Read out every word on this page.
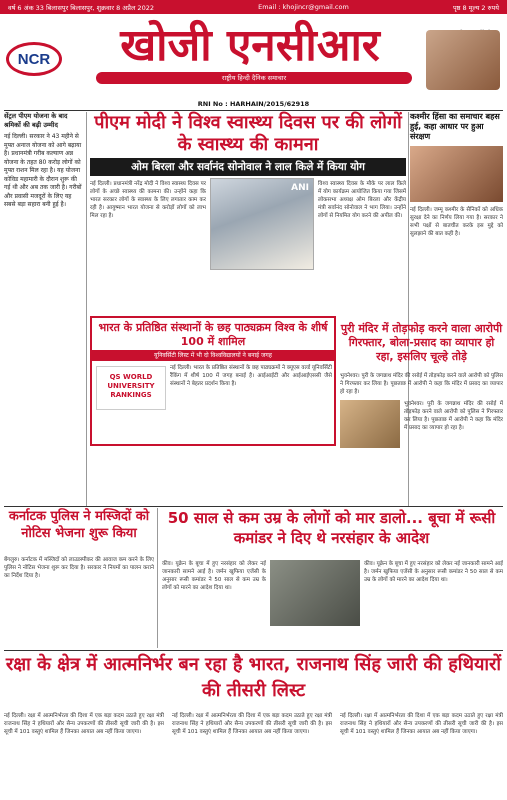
वर्ष 6 अंक 33 बिलासपुर बिलासपुर, शुक्रवार 8 अप्रैल 2022	Email : khojincr@gmail.com	पृष्ठ 8 मूल्य 2 रुपये
NCR	खोजी एनसीआर
राष्ट्रीय हिन्दी दैनिक समाचार
RNI No : HARHAIN/2015/62918
सेंट्रल पीएम योजना के बाद श्रमिकों की बढ़ी उम्मीद
नई दिल्ली। सरकार ने 43 महीने से मुफ्त अनाज योजना को आगे बढ़ाया है। प्रधानमंत्री गरीब कल्याण अन्न योजना के तहत 80 करोड़ लोगों को मुफ्त राशन मिल रहा है। यह योजना कोविड महामारी के दौरान शुरू की गई थी और अब तक जारी है। गरीबों और प्रवासी मजदूरों के लिए यह सबसे बड़ा सहारा बनी हुई है।
पीएम मोदी ने विश्व स्वास्थ्य दिवस पर की लोगों के स्वास्थ्य की कामना
ओम बिरला और सर्वानंद सोनोवाल ने लाल किले में किया योग
नई दिल्ली। प्रधानमंत्री नरेंद्र मोदी ने विश्व स्वास्थ्य दिवस पर लोगों के अच्छे स्वास्थ्य की कामना की। उन्होंने कहा कि भारत सरकार लोगों के स्वास्थ्य के लिए लगातार काम कर रही है। आयुष्मान भारत योजना से करोड़ों लोगों को लाभ मिल रहा है।
ANI विश्व स्वास्थ्य दिवस के मौके पर लाल किले में योग कार्यक्रम आयोजित किया गया जिसमें लोकसभा अध्यक्ष ओम बिरला और केंद्रीय मंत्री सर्वानंद सोनोवाल ने भाग लिया। उन्होंने लोगों से नियमित योग करने की अपील की।
कश्मीर हिंसा का समाचार बहस हुई, कहा आधार पर हुआ संरक्षण
नई दिल्ली। जम्मू कश्मीर के सैनिकों को अधिक सुरक्षा देने का निर्णय लिया गया है। सरकार ने सभी पक्षों से बातचीत करके इस मुद्दे को सुलझाने की बात कही है।
भारत के प्रतिष्ठित संस्थानों के छह पाठ्यक्रम विश्व के शीर्ष 100 में शामिल
यूनिवर्सिटी लिस्ट में भी दो विश्वविद्यालयों ने बनाई जगह
नई दिल्ली। भारत के प्रतिष्ठित संस्थानों के छह पाठ्यक्रमों ने क्यूएस वर्ल्ड यूनिवर्सिटी रैंकिंग में शीर्ष 100 में जगह बनाई है। आईआईटी और आईआईएससी जैसे संस्थानों ने बेहतर प्रदर्शन किया है।
QS WORLD UNIVERSITY RANKINGS
पुरी मंदिर में तोड़फोड़ करने वाला आरोपी गिरफ्तार, बोला-प्रसाद का व्यापार हो रहा, इसलिए चूल्हे तोड़े
भुवनेश्वर। पुरी के जगन्नाथ मंदिर की रसोई में तोड़फोड़ करने वाले आरोपी को पुलिस ने गिरफ्तार कर लिया है। पूछताछ में आरोपी ने कहा कि मंदिर में प्रसाद का व्यापार हो रहा है।
भुवनेश्वर। पुरी के जगन्नाथ मंदिर की रसोई में तोड़फोड़ करने वाले आरोपी को पुलिस ने गिरफ्तार कर लिया है। पूछताछ में आरोपी ने कहा कि मंदिर में प्रसाद का व्यापार हो रहा है।
कर्नाटक पुलिस ने मस्जिदों को नोटिस भेजना शुरू किया
बेंगलुरु। कर्नाटक में मस्जिदों को लाउडस्पीकर की आवाज कम करने के लिए पुलिस ने नोटिस भेजना शुरू कर दिया है। सरकार ने नियमों का पालन कराने का निर्देश दिया है।
50 साल से कम उम्र के लोगों को मार डालो... बूचा में रूसी कमांडर ने दिए थे नरसंहार के आदेश
कीव। यूक्रेन के बूचा में हुए नरसंहार को लेकर नई जानकारी सामने आई है। जर्मन खुफिया एजेंसी के अनुसार रूसी कमांडर ने 50 साल से कम उम्र के लोगों को मारने का आदेश दिया था।
कीव। यूक्रेन के बूचा में हुए नरसंहार को लेकर नई जानकारी सामने आई है। जर्मन खुफिया एजेंसी के अनुसार रूसी कमांडर ने 50 साल से कम उम्र के लोगों को मारने का आदेश दिया था।
रक्षा के क्षेत्र में आत्मनिर्भर बन रहा है भारत, राजनाथ सिंह जारी की हथियारों की तीसरी लिस्ट
नई दिल्ली। रक्षा में आत्मनिर्भरता की दिशा में एक बड़ा कदम उठाते हुए रक्षा मंत्री राजनाथ सिंह ने हथियारों और सैन्य उपकरणों की तीसरी सूची जारी की है। इस सूची में 101 वस्तुएं शामिल हैं जिनका आयात अब नहीं किया जाएगा।
नई दिल्ली। रक्षा में आत्मनिर्भरता की दिशा में एक बड़ा कदम उठाते हुए रक्षा मंत्री राजनाथ सिंह ने हथियारों और सैन्य उपकरणों की तीसरी सूची जारी की है। इस सूची में 101 वस्तुएं शामिल हैं जिनका आयात अब नहीं किया जाएगा।
नई दिल्ली। रक्षा में आत्मनिर्भरता की दिशा में एक बड़ा कदम उठाते हुए रक्षा मंत्री राजनाथ सिंह ने हथियारों और सैन्य उपकरणों की तीसरी सूची जारी की है। इस सूची में 101 वस्तुएं शामिल हैं जिनका आयात अब नहीं किया जाएगा।
